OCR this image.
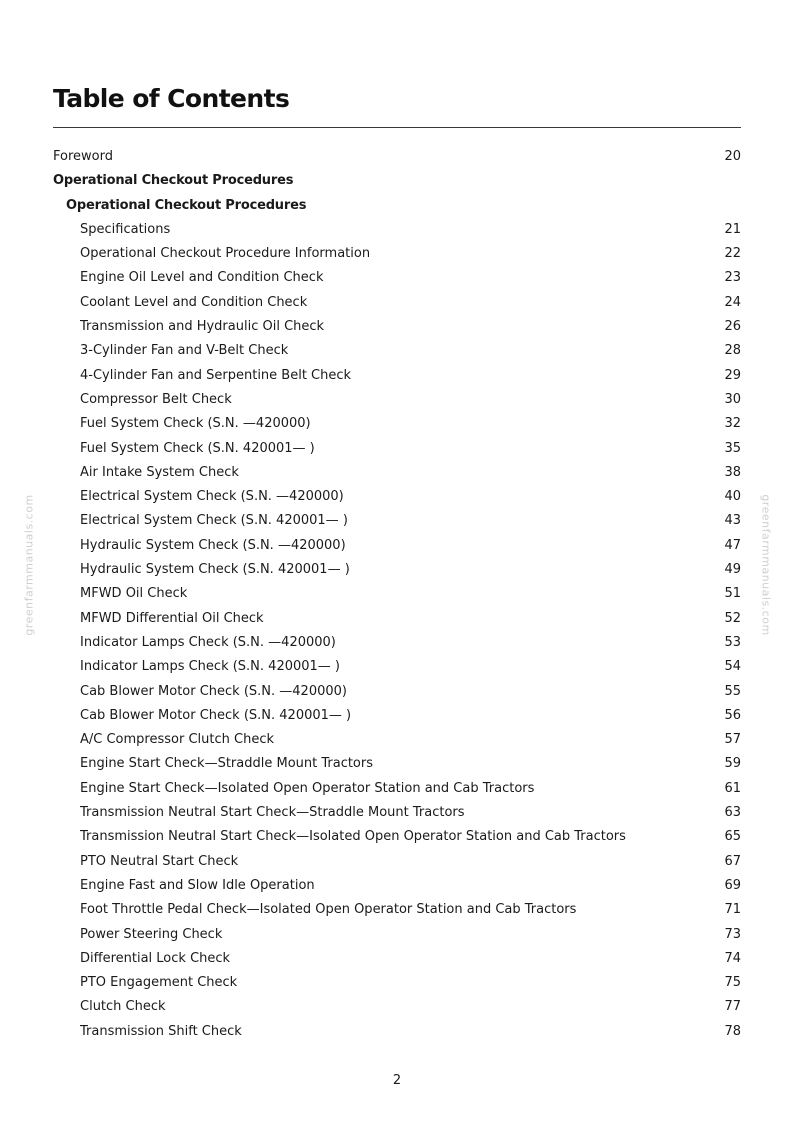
Table of Contents
Foreword	20
Operational Checkout Procedures
Operational Checkout Procedures
Specifications	21
Operational Checkout Procedure Information	22
Engine Oil Level and Condition Check	23
Coolant Level and Condition Check	24
Transmission and Hydraulic Oil Check	26
3-Cylinder Fan and V-Belt Check	28
4-Cylinder Fan and Serpentine Belt Check	29
Compressor Belt Check	30
Fuel System Check (S.N. —420000)	32
Fuel System Check (S.N. 420001— )	35
Air Intake System Check	38
Electrical System Check (S.N. —420000)	40
Electrical System Check (S.N. 420001— )	43
Hydraulic System Check (S.N. —420000)	47
Hydraulic System Check (S.N. 420001— )	49
MFWD Oil Check	51
MFWD Differential Oil Check	52
Indicator Lamps Check (S.N. —420000)	53
Indicator Lamps Check (S.N. 420001— )	54
Cab Blower Motor Check (S.N. —420000)	55
Cab Blower Motor Check (S.N. 420001— )	56
A/C Compressor Clutch Check	57
Engine Start Check—Straddle Mount Tractors	59
Engine Start Check—Isolated Open Operator Station and Cab Tractors	61
Transmission Neutral Start Check—Straddle Mount Tractors	63
Transmission Neutral Start Check—Isolated Open Operator Station and Cab Tractors	65
PTO Neutral Start Check	67
Engine Fast and Slow Idle Operation	69
Foot Throttle Pedal Check—Isolated Open Operator Station and Cab Tractors	71
Power Steering Check	73
Differential Lock Check	74
PTO Engagement Check	75
Clutch Check	77
Transmission Shift Check	78
greenfarmmanuals.com	greenfarmmanuals.com
2
